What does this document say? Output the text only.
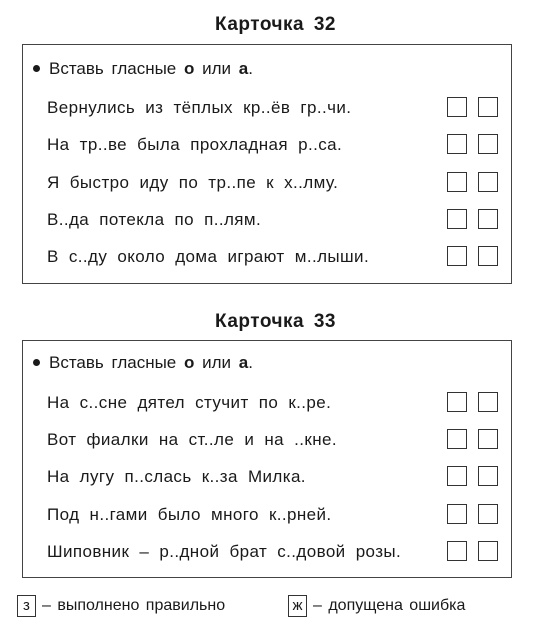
Карточка 32
Вставь гласные о или а.
Вернулись из тёплых кр..ёв гр..чи.
На тр..ве была прохладная р..са.
Я быстро иду по тр..пе к х..лму.
В..да потекла по п..лям.
В с..ду около дома играют м..лыши.
Карточка 33
Вставь гласные о или а.
На с..сне дятел стучит по к..ре.
Вот фиалки на ст..ле и на ..кне.
На лугу п..слась к..за Милка.
Под н..гами было много к..рней.
Шиповник – р..дной брат с..довой розы.
з – выполнено правильно	ж – допущена ошибка
